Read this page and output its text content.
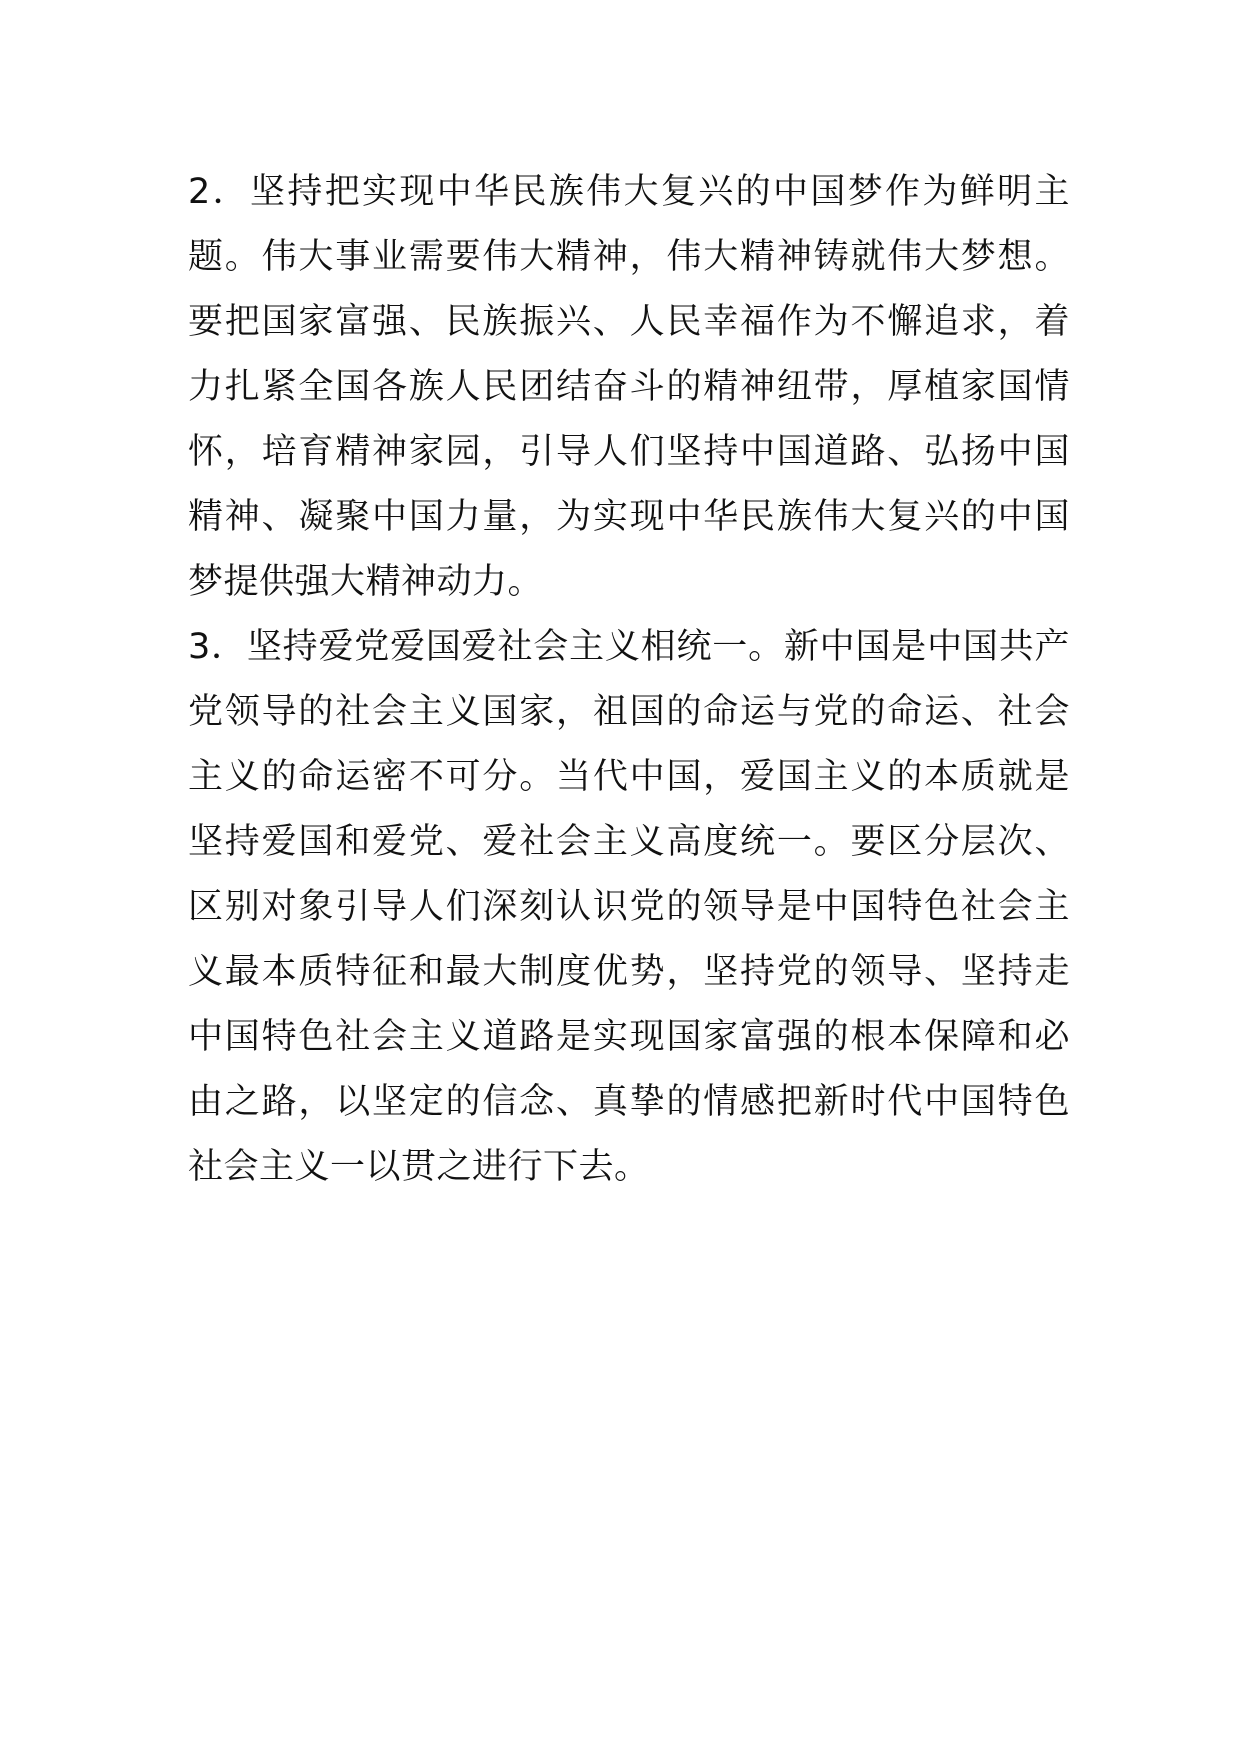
2．坚持把实现中华民族伟大复兴的中国梦作为鲜明主题。伟大事业需要伟大精神，伟大精神铸就伟大梦想。要把国家富强、民族振兴、人民幸福作为不懈追求，着力扎紧全国各族人民团结奋斗的精神纽带，厚植家国情怀，培育精神家园，引导人们坚持中国道路、弘扬中国精神、凝聚中国力量，为实现中华民族伟大复兴的中国梦提供强大精神动力。

3．坚持爱党爱国爱社会主义相统一。新中国是中国共产党领导的社会主义国家，祖国的命运与党的命运、社会主义的命运密不可分。当代中国，爱国主义的本质就是坚持爱国和爱党、爱社会主义高度统一。要区分层次、区别对象引导人们深刻认识党的领导是中国特色社会主义最本质特征和最大制度优势，坚持党的领导、坚持走中国特色社会主义道路是实现国家富强的根本保障和必由之路，以坚定的信念、真挚的情感把新时代中国特色社会主义一以贯之进行下去。
